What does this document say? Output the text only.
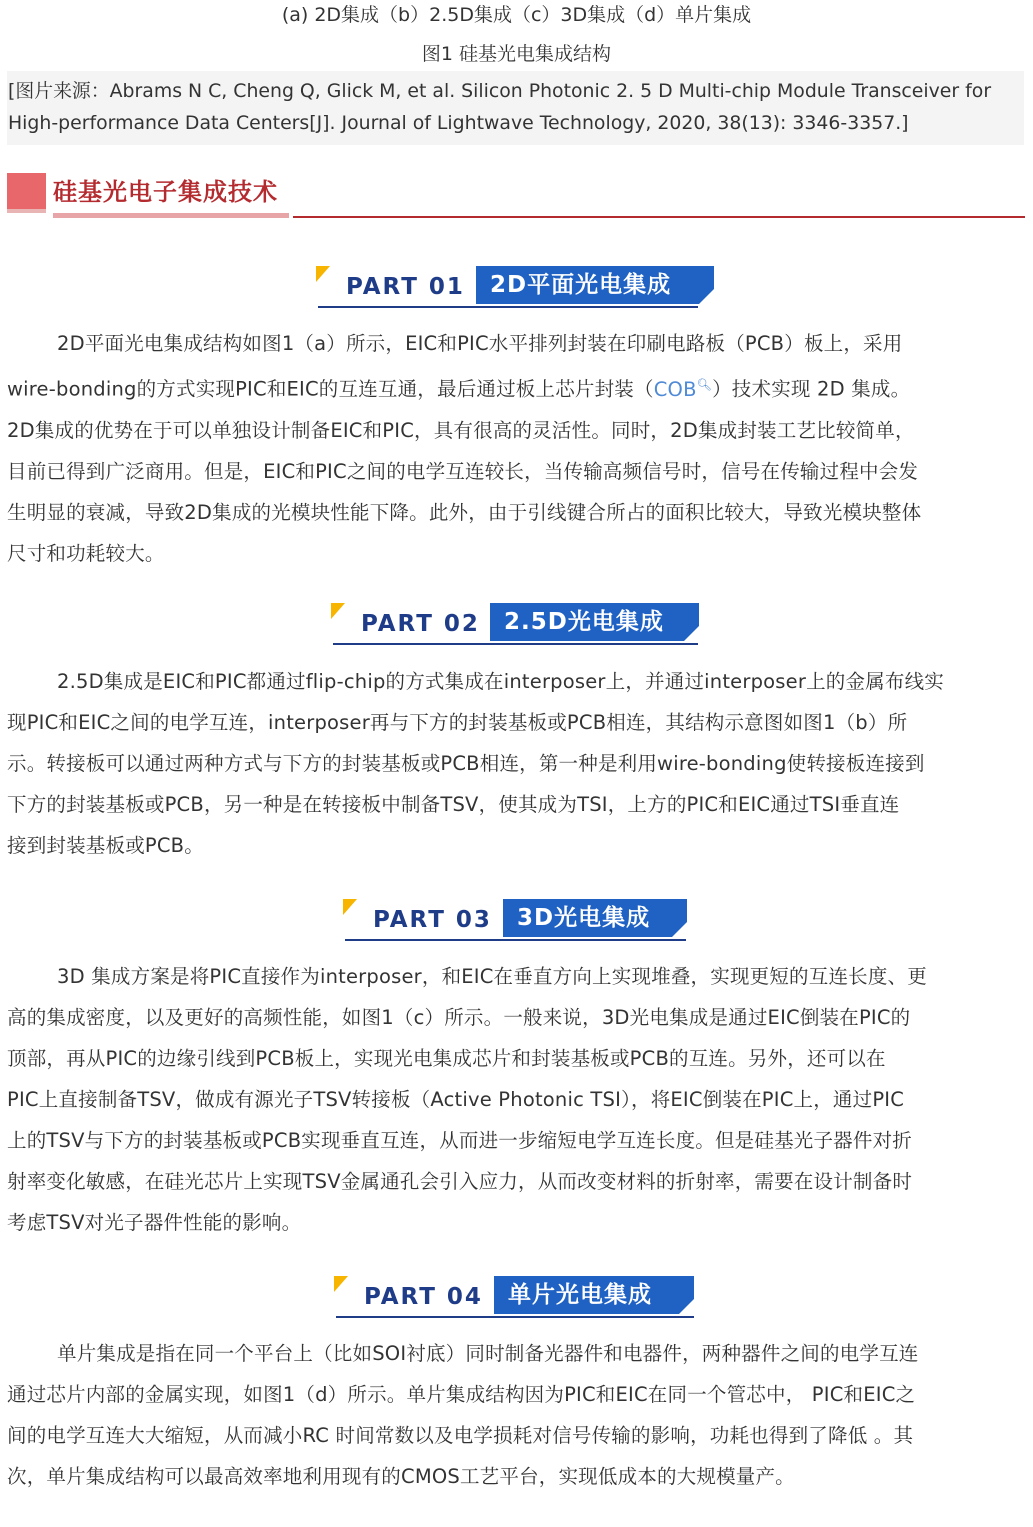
(a) 2D集成（b）2.5D集成（c）3D集成（d）单片集成
图1 硅基光电集成结构
[图片来源：Abrams N C, Cheng Q, Glick M, et al. Silicon Photonic 2. 5 D Multi-chip Module Transceiver for
High-performance Data Centers[J]. Journal of Lightwave Technology, 2020, 38(13): 3346-3357.]
硅基光电子集成技术
PART 01	2D平面光电集成
2D平面光电集成结构如图1（a）所示，EIC和PIC水平排列封装在印刷电路板（PCB）板上，采用
wire-bonding的方式实现PIC和EIC的互连互通，最后通过板上芯片封装（COB🔍︎）技术实现 2D 集成。
2D集成的优势在于可以单独设计制备EIC和PIC，具有很高的灵活性。同时，2D集成封装工艺比较简单，
目前已得到广泛商用。但是，EIC和PIC之间的电学互连较长，当传输高频信号时，信号在传输过程中会发
生明显的衰减，导致2D集成的光模块性能下降。此外，由于引线键合所占的面积比较大，导致光模块整体
尺寸和功耗较大。
PART 02	2.5D光电集成
2.5D集成是EIC和PIC都通过flip-chip的方式集成在interposer上，并通过interposer上的金属布线实
现PIC和EIC之间的电学互连，interposer再与下方的封装基板或PCB相连，其结构示意图如图1（b）所
示。转接板可以通过两种方式与下方的封装基板或PCB相连，第一种是利用wire-bonding使转接板连接到
下方的封装基板或PCB，另一种是在转接板中制备TSV，使其成为TSI，上方的PIC和EIC通过TSI垂直连
接到封装基板或PCB。
PART 03	3D光电集成
3D 集成方案是将PIC直接作为interposer，和EIC在垂直方向上实现堆叠，实现更短的互连长度、更
高的集成密度，以及更好的高频性能，如图1（c）所示。一般来说，3D光电集成是通过EIC倒装在PIC的
顶部，再从PIC的边缘引线到PCB板上，实现光电集成芯片和封装基板或PCB的互连。另外，还可以在
PIC上直接制备TSV，做成有源光子TSV转接板（Active Photonic TSI），将EIC倒装在PIC上，通过PIC
上的TSV与下方的封装基板或PCB实现垂直互连，从而进一步缩短电学互连长度。但是硅基光子器件对折
射率变化敏感，在硅光芯片上实现TSV金属通孔会引入应力，从而改变材料的折射率，需要在设计制备时
考虑TSV对光子器件性能的影响。
PART 04	单片光电集成
单片集成是指在同一个平台上（比如SOI衬底）同时制备光器件和电器件，两种器件之间的电学互连
通过芯片内部的金属实现，如图1（d）所示。单片集成结构因为PIC和EIC在同一个管芯中， PIC和EIC之
间的电学互连大大缩短，从而减小RC 时间常数以及电学损耗对信号传输的影响，功耗也得到了降低 。其
次，单片集成结构可以最高效率地利用现有的CMOS工艺平台，实现低成本的大规模量产。
